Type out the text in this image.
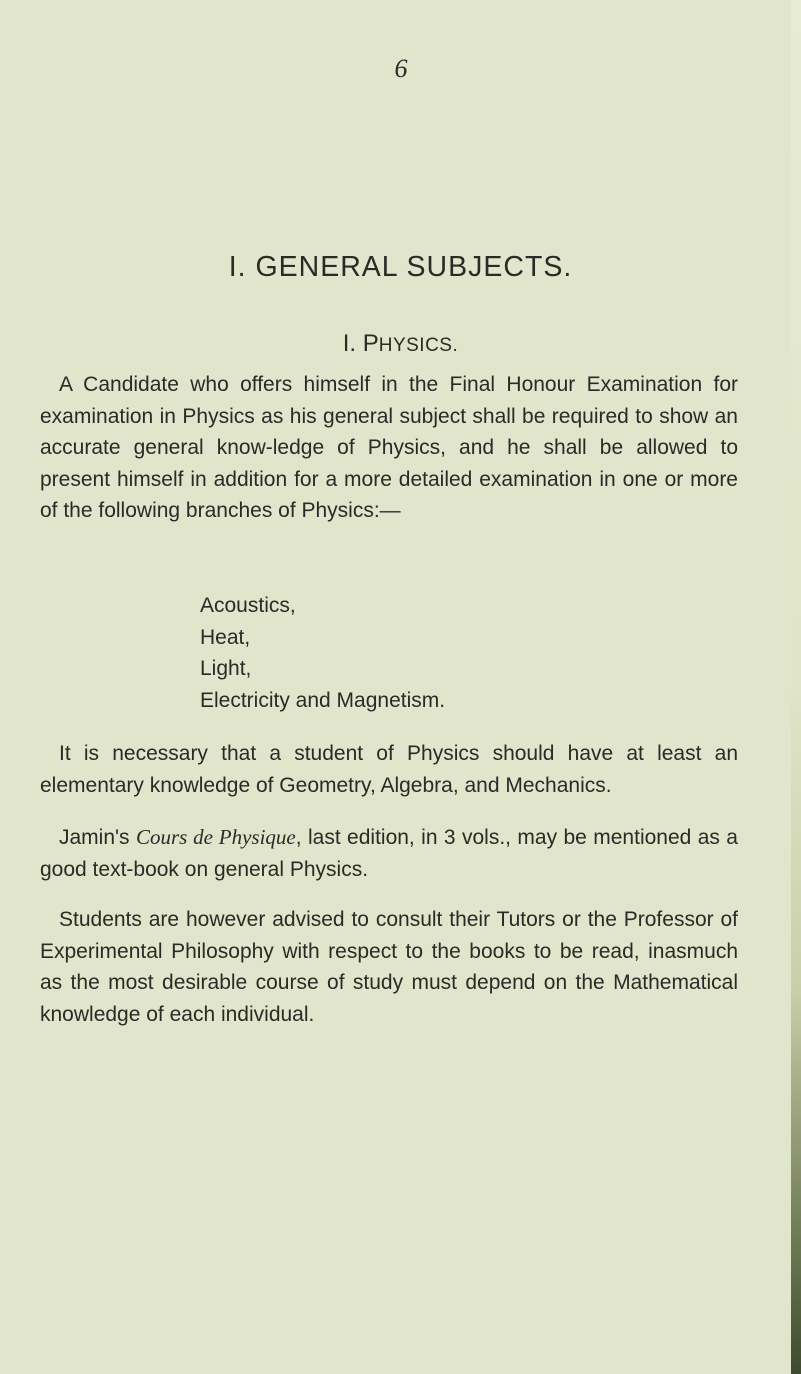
6
I. GENERAL SUBJECTS.
I. PHYSICS.

A Candidate who offers himself in the Final Honour Examination for examination in Physics as his general subject shall be required to show an accurate general know-ledge of Physics, and he shall be allowed to present himself in addition for a more detailed examination in one or more of the following branches of Physics:—

Acoustics,
Heat,
Light,
Electricity and Magnetism.

It is necessary that a student of Physics should have at least an elementary knowledge of Geometry, Algebra, and Mechanics.

Jamin's Cours de Physique, last edition, in 3 vols., may be mentioned as a good text-book on general Physics.

Students are however advised to consult their Tutors or the Professor of Experimental Philosophy with respect to the books to be read, inasmuch as the most desirable course of study must depend on the Mathematical knowledge of each individual.
